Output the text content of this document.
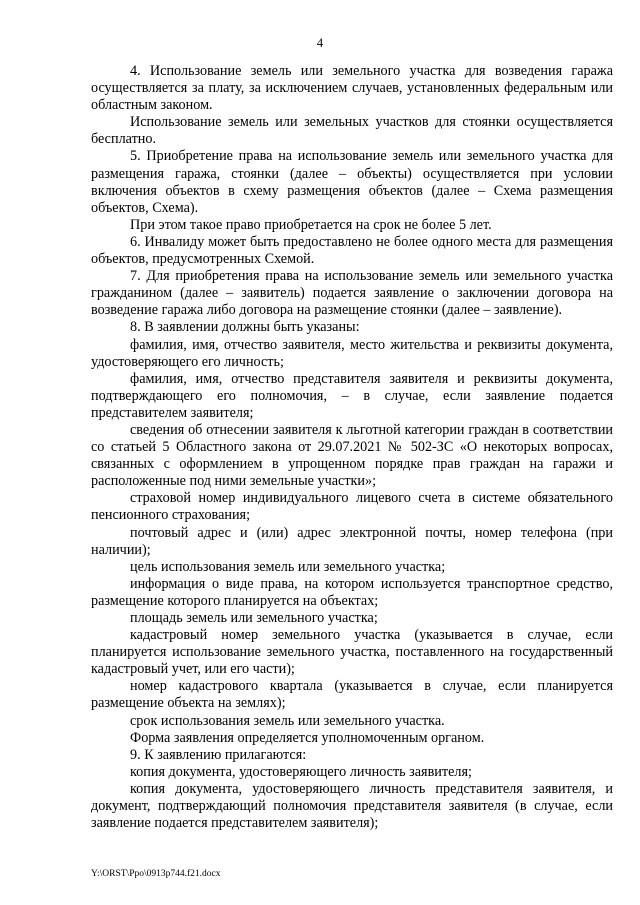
4

4. Использование земель или земельного участка для возведения гаража осуществляется за плату, за исключением случаев, установленных федеральным или областным законом.

Использование земель или земельных участков для стоянки осуществляется бесплатно.

5. Приобретение права на использование земель или земельного участка для размещения гаража, стоянки (далее – объекты) осуществляется при условии включения объектов в схему размещения объектов (далее – Схема размещения объектов, Схема).

При этом такое право приобретается на срок не более 5 лет.

6. Инвалиду может быть предоставлено не более одного места для размещения объектов, предусмотренных Схемой.

7. Для приобретения права на использование земель или земельного участка гражданином (далее – заявитель) подается заявление о заключении договора на возведение гаража либо договора на размещение стоянки (далее – заявление).

8. В заявлении должны быть указаны:

фамилия, имя, отчество заявителя, место жительства и реквизиты документа, удостоверяющего его личность;

фамилия, имя, отчество представителя заявителя и реквизиты документа, подтверждающего его полномочия, – в случае, если заявление подается представителем заявителя;

сведения об отнесении заявителя к льготной категории граждан в соответствии со статьей 5 Областного закона от 29.07.2021 № 502-ЗС «О некоторых вопросах, связанных с оформлением в упрощенном порядке прав граждан на гаражи и расположенные под ними земельные участки»;

страховой номер индивидуального лицевого счета в системе обязательного пенсионного страхования;

почтовый адрес и (или) адрес электронной почты, номер телефона (при наличии);

цель использования земель или земельного участка;

информация о виде права, на котором используется транспортное средство, размещение которого планируется на объектах;

площадь земель или земельного участка;

кадастровый номер земельного участка (указывается в случае, если планируется использование земельного участка, поставленного на государственный кадастровый учет, или его части);

номер кадастрового квартала (указывается в случае, если планируется размещение объекта на землях);

срок использования земель или земельного участка.

Форма заявления определяется уполномоченным органом.

9. К заявлению прилагаются:

копия документа, удостоверяющего личность заявителя;

копия документа, удостоверяющего личность представителя заявителя, и документ, подтверждающий полномочия представителя заявителя (в случае, если заявление подается представителем заявителя);

Y:\ORST\Ppo\0913p744.f21.docx
